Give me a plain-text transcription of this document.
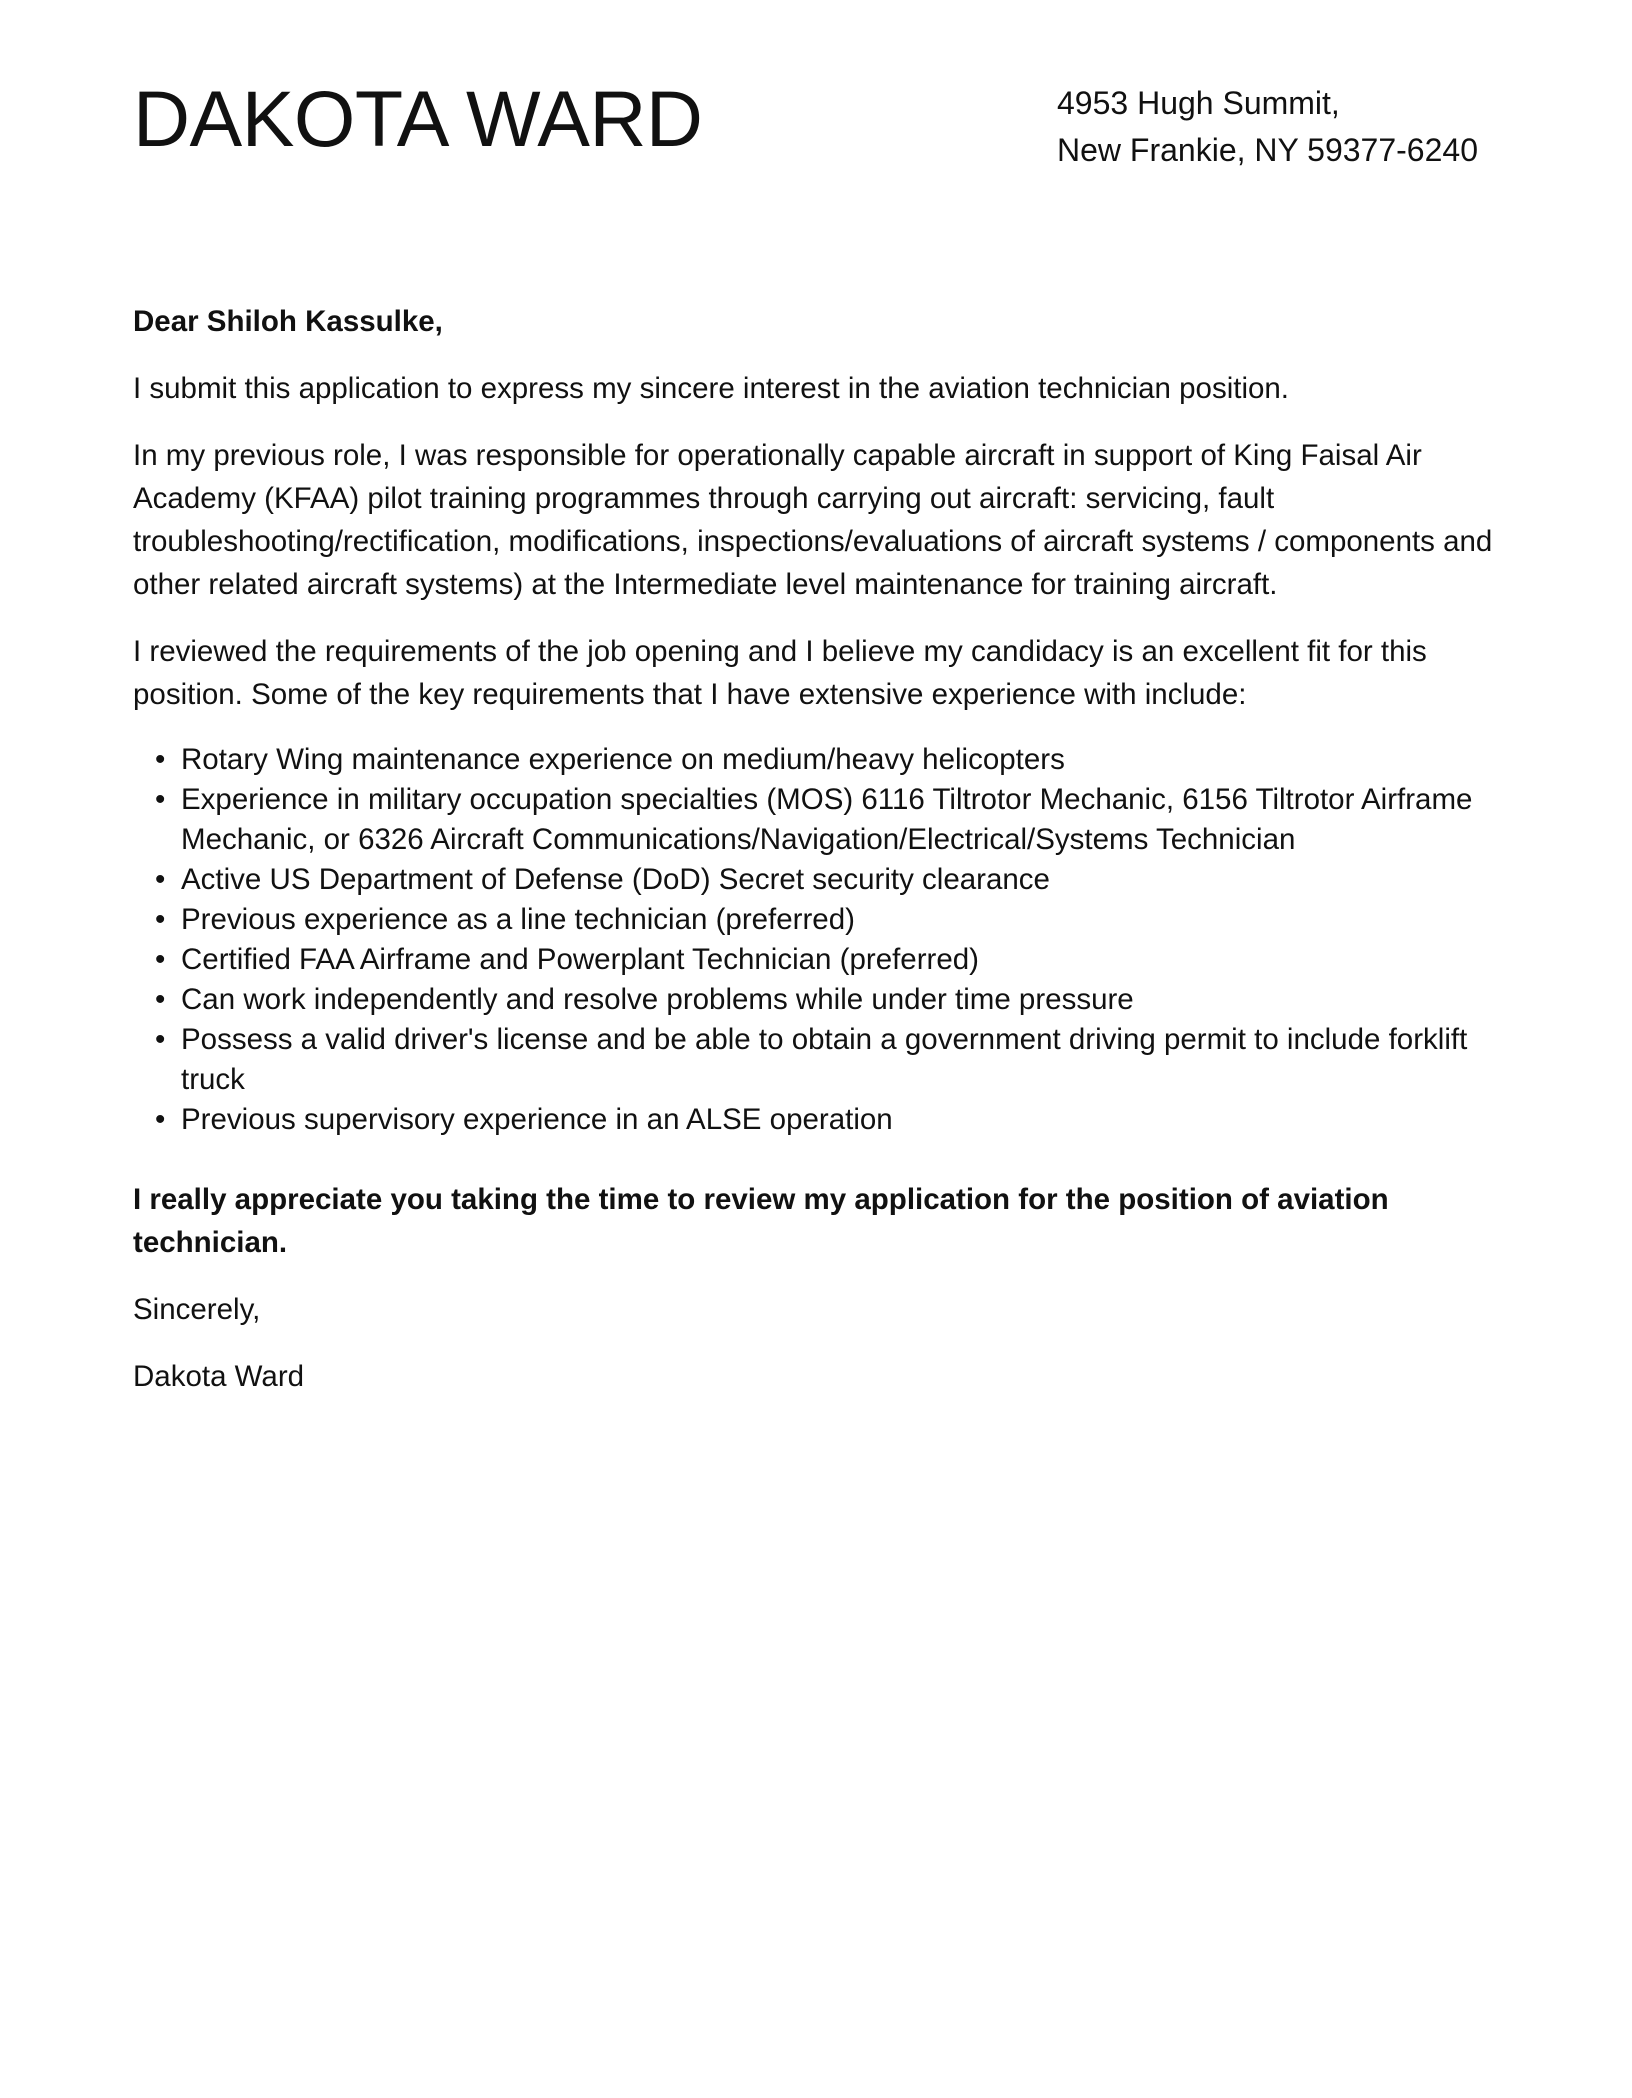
DAKOTA WARD	4953 Hugh Summit,
New Frankie, NY 59377-6240

Dear Shiloh Kassulke,

I submit this application to express my sincere interest in the aviation technician position.

In my previous role, I was responsible for operationally capable aircraft in support of King Faisal Air Academy (KFAA) pilot training programmes through carrying out aircraft: servicing, fault troubleshooting/rectification, modifications, inspections/evaluations of aircraft systems / components and other related aircraft systems) at the Intermediate level maintenance for training aircraft.

I reviewed the requirements of the job opening and I believe my candidacy is an excellent fit for this position. Some of the key requirements that I have extensive experience with include:

• Rotary Wing maintenance experience on medium/heavy helicopters
• Experience in military occupation specialties (MOS) 6116 Tiltrotor Mechanic, 6156 Tiltrotor Airframe Mechanic, or 6326 Aircraft Communications/Navigation/Electrical/Systems Technician
• Active US Department of Defense (DoD) Secret security clearance
• Previous experience as a line technician (preferred)
• Certified FAA Airframe and Powerplant Technician (preferred)
• Can work independently and resolve problems while under time pressure
• Possess a valid driver's license and be able to obtain a government driving permit to include forklift truck
• Previous supervisory experience in an ALSE operation

I really appreciate you taking the time to review my application for the position of aviation technician.

Sincerely,

Dakota Ward
